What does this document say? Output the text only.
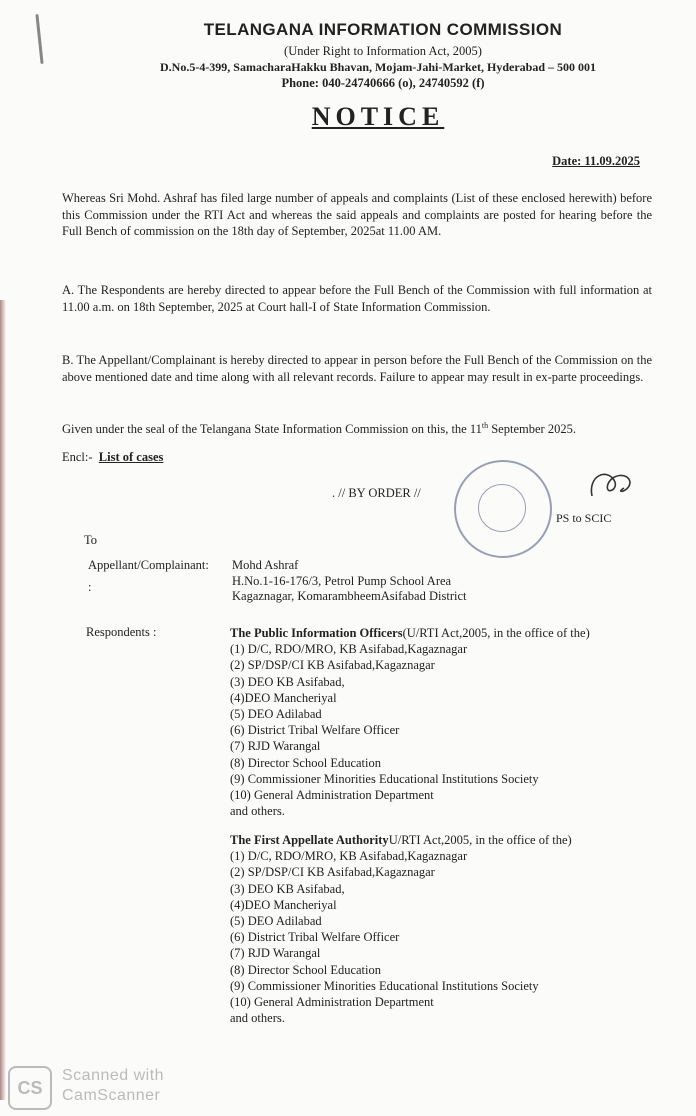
TELANGANA INFORMATION COMMISSION
(Under Right to Information Act, 2005)
D.No.5-4-399, SamacharaHakku Bhavan, Mojam-Jahi-Market, Hyderabad – 500 001
Phone: 040-24740666 (o), 24740592 (f)
NOTICE
Date: 11.09.2025
Whereas Sri Mohd. Ashraf has filed large number of appeals and complaints (List of these enclosed herewith) before this Commission under the RTI Act and whereas the said appeals and complaints are posted for hearing before the Full Bench of commission on the 18th day of September, 2025at 11.00 AM.
A. The Respondents are hereby directed to appear before the Full Bench of the Commission with full information at 11.00 a.m. on 18th September, 2025 at Court hall-I of State Information Commission.
B. The Appellant/Complainant is hereby directed to appear in person before the Full Bench of the Commission on the above mentioned date and time along with all relevant records. Failure to appear may result in ex-parte proceedings.
Given under the seal of the Telangana State Information Commission on this, the 11th September 2025.
Encl:- List of cases
. // BY ORDER //
PS to SCIC
To
Appellant/Complainant:
:
Mohd Ashraf
H.No.1-16-176/3, Petrol Pump School Area
Kagaznagar, KomarambheemAsifabad District
Respondents :	The Public Information Officers(U/RTI Act,2005, in the office of the)
(1) D/C, RDO/MRO, KB Asifabad,Kagaznagar
(2) SP/DSP/CI KB Asifabad,Kagaznagar
(3) DEO KB Asifabad,
(4)DEO Mancheriyal
(5) DEO Adilabad
(6) District Tribal Welfare Officer
(7) RJD Warangal
(8) Director School Education
(9) Commissioner Minorities Educational Institutions Society
(10) General Administration Department
and others.
The First Appellate AuthorityU/RTI Act,2005, in the office of the)
(1) D/C, RDO/MRO, KB Asifabad,Kagaznagar
(2) SP/DSP/CI KB Asifabad,Kagaznagar
(3) DEO KB Asifabad,
(4)DEO Mancheriyal
(5) DEO Adilabad
(6) District Tribal Welfare Officer
(7) RJD Warangal
(8) Director School Education
(9) Commissioner Minorities Educational Institutions Society
(10) General Administration Department
and others.
CS
Scanned with
CamScanner
